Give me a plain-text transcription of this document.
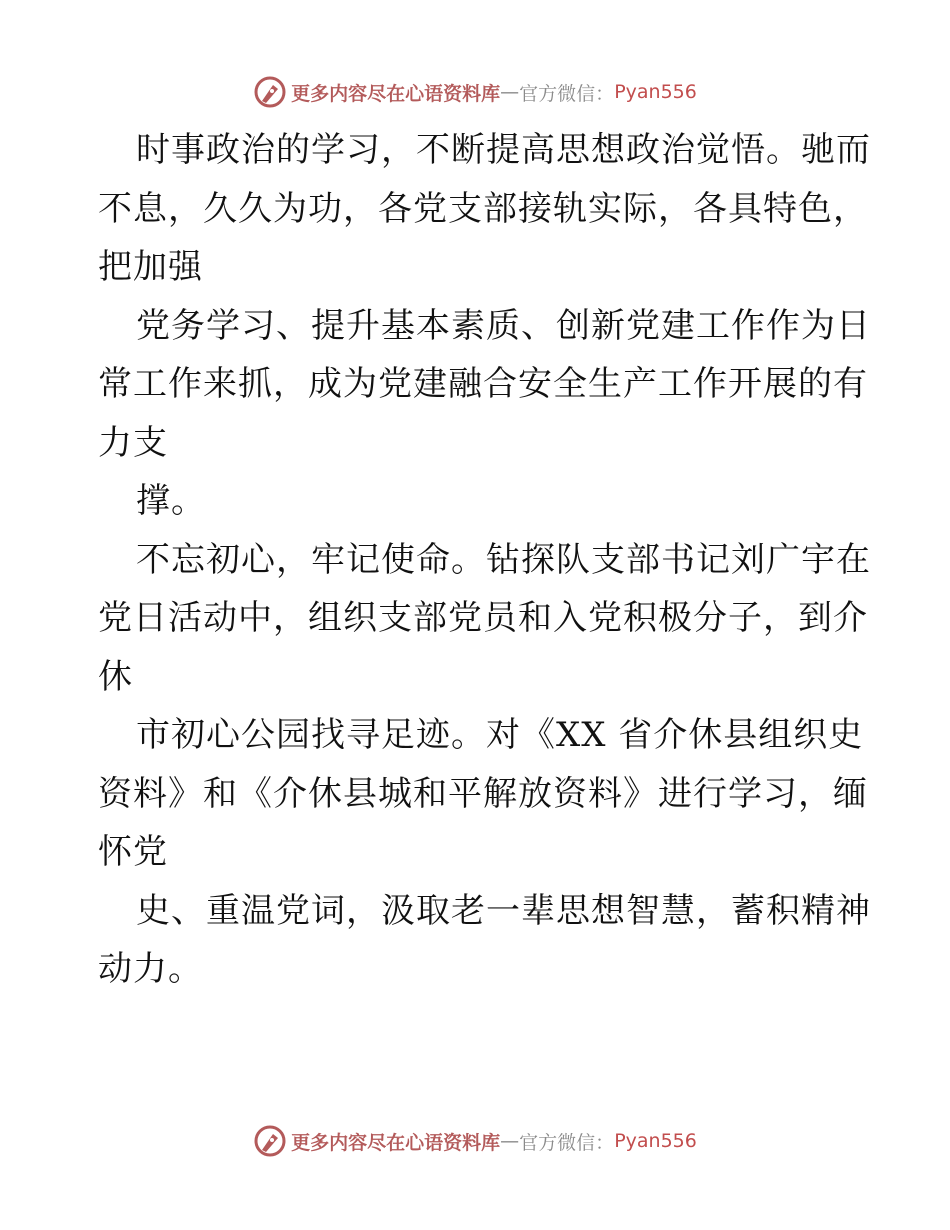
更多内容尽在心语资料库 — 官方微信： Pyan556
时事政治的学习，不断提高思想政治觉悟。驰而
不息，久久为功，各党支部接轨实际，各具特色，
把加强
党务学习、提升基本素质、创新党建工作作为日
常工作来抓，成为党建融合安全生产工作开展的有
力支
撑。
不忘初心，牢记使命。钻探队支部书记刘广宇在
党日活动中，组织支部党员和入党积极分子，到介
休
市初心公园找寻足迹。对《XX 省介休县组织史
资料》和《介休县城和平解放资料》进行学习，缅
怀党
史、重温党词，汲取老一辈思想智慧，蓄积精神
动力。
更多内容尽在心语资料库 — 官方微信： Pyan556
